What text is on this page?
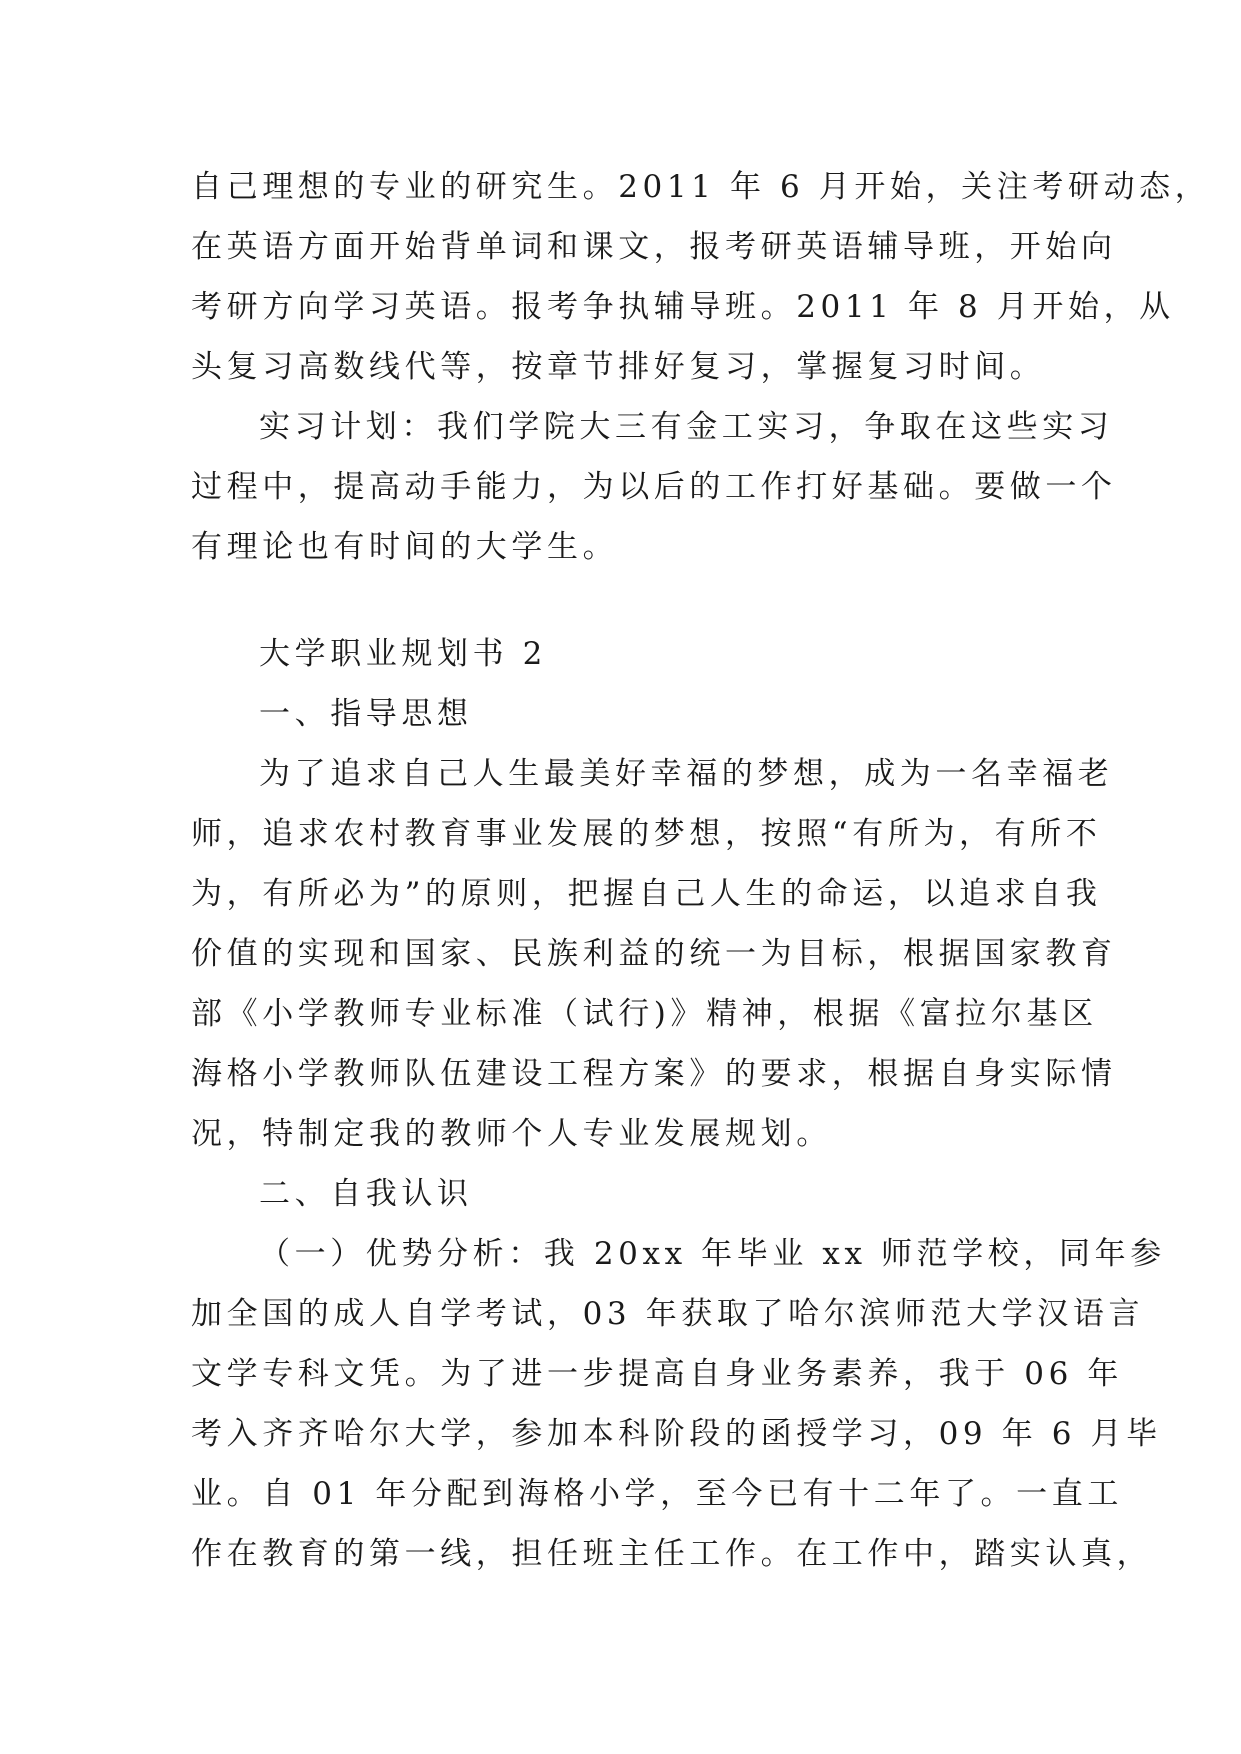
自己理想的专业的研究生。2011 年 6 月开始，关注考研动态，
在英语方面开始背单词和课文，报考研英语辅导班，开始向
考研方向学习英语。报考争执辅导班。2011 年 8 月开始，从
头复习高数线代等，按章节排好复习，掌握复习时间。
实习计划：我们学院大三有金工实习，争取在这些实习
过程中，提高动手能力，为以后的工作打好基础。要做一个
有理论也有时间的大学生。
大学职业规划书 2
一、指导思想
为了追求自己人生最美好幸福的梦想，成为一名幸福老
师，追求农村教育事业发展的梦想，按照“有所为，有所不
为，有所必为”的原则，把握自己人生的命运，以追求自我
价值的实现和国家、民族利益的统一为目标，根据国家教育
部《小学教师专业标准（试行)》精神，根据《富拉尔基区
海格小学教师队伍建设工程方案》的要求，根据自身实际情
况，特制定我的教师个人专业发展规划。
二、自我认识
（一）优势分析：我 20xx 年毕业 xx 师范学校，同年参
加全国的成人自学考试，03 年获取了哈尔滨师范大学汉语言
文学专科文凭。为了进一步提高自身业务素养，我于 06 年
考入齐齐哈尔大学，参加本科阶段的函授学习，09 年 6 月毕
业。自 01 年分配到海格小学，至今已有十二年了。一直工
作在教育的第一线，担任班主任工作。在工作中，踏实认真，
